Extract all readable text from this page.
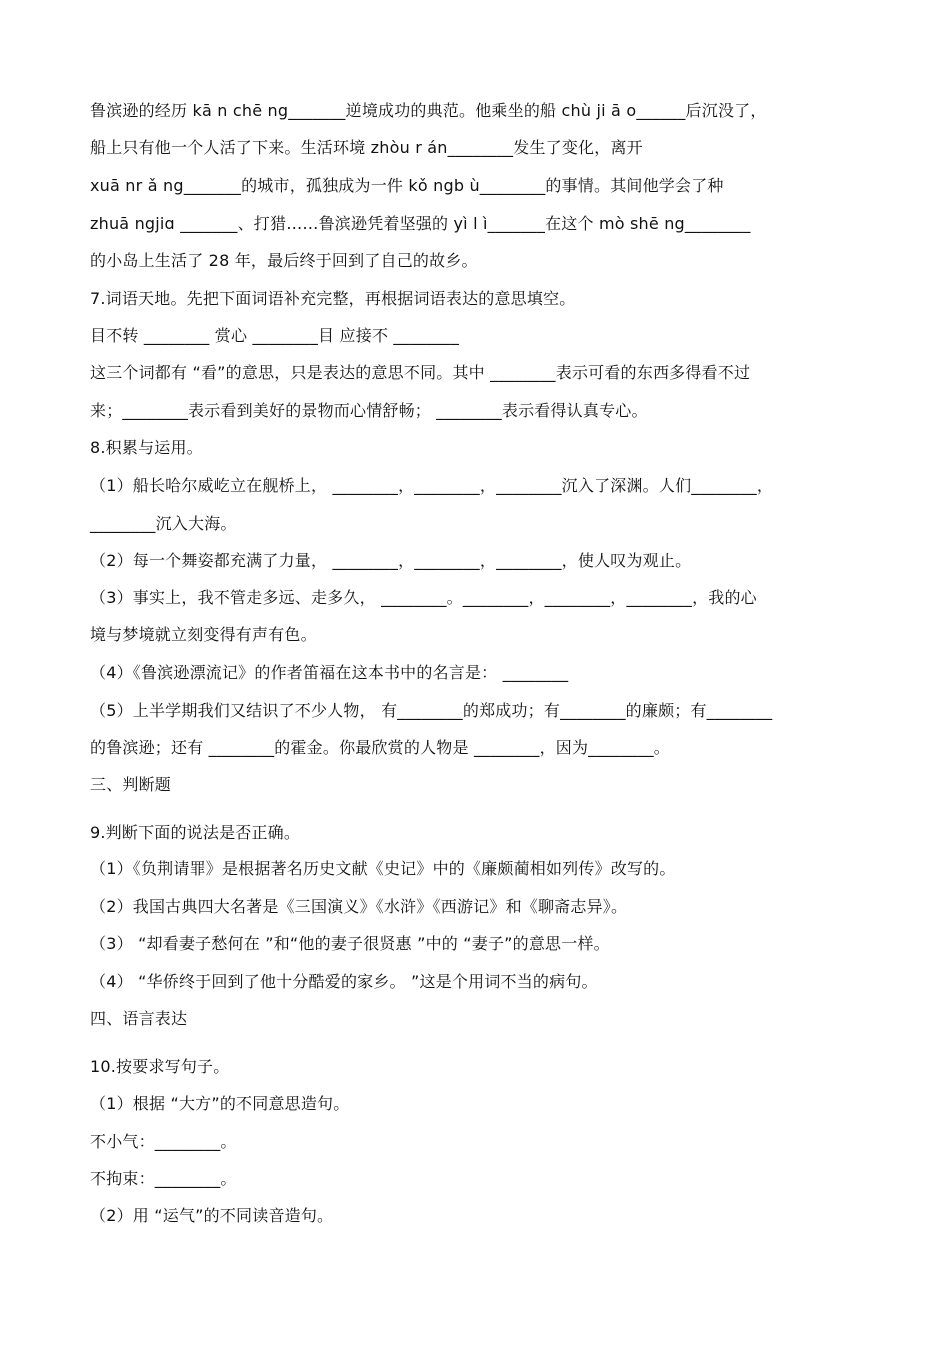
鲁滨逊的经历 kā n chē ng_______逆境成功的典范。他乘坐的船 chù ji ā o______后沉没了，
船上只有他一个人活了下来。生活环境 zhòu r án________发生了变化，离开
xuā nr ǎ ng_______的城市，孤独成为一件 kǒ ngb ù________的事情。其间他学会了种
zhuā ngjiɑ _______、打猎……鲁滨逊凭着坚强的 yì l ì_______在这个 mò shē ng________
的小岛上生活了 28 年，最后终于回到了自己的故乡。
7.词语天地。先把下面词语补充完整，再根据词语表达的意思填空。
目不转 ________ 赏心 ________目 应接不 ________
这三个词都有 “看”的意思，只是表达的意思不同。其中 ________表示可看的东西多得看不过
来；________表示看到美好的景物而心情舒畅； ________表示看得认真专心。
8.积累与运用。
（1）船长哈尔威屹立在舰桥上， ________，________，________沉入了深渊。人们________，
________沉入大海。
（2）每一个舞姿都充满了力量， ________，________，________，使人叹为观止。
（3）事实上，我不管走多远、走多久， ________。________，________，________，我的心
境与梦境就立刻变得有声有色。
（4）《鲁滨逊漂流记》的作者笛福在这本书中的名言是： ________
（5）上半学期我们又结识了不少人物， 有________的郑成功；有________的廉颇；有________
的鲁滨逊；还有 ________的霍金。你最欣赏的人物是 ________，因为________。
三、判断题
9.判断下面的说法是否正确。
（1）《负荆请罪》是根据著名历史文献《史记》中的《廉颇蔺相如列传》改写的。
（2）我国古典四大名著是《三国演义》《水浒》《西游记》和《聊斋志异》。
（3） “却看妻子愁何在 ”和“他的妻子很贤惠 ”中的 “妻子”的意思一样。
（4） “华侨终于回到了他十分酷爱的家乡。 ”这是个用词不当的病句。
四、语言表达
10.按要求写句子。
（1）根据 “大方”的不同意思造句。
不小气：________。
不拘束：________。
（2）用 “运气”的不同读音造句。
